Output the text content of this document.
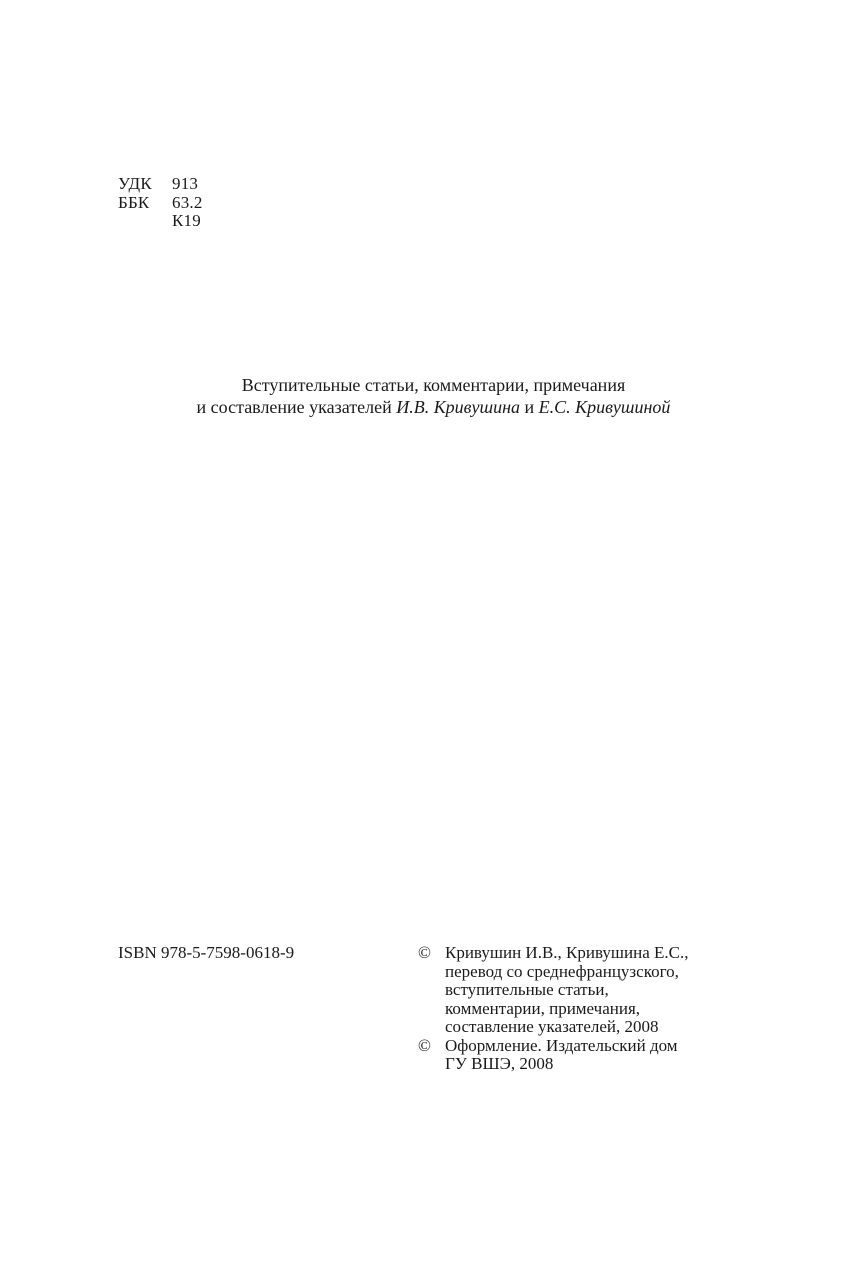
УДК	913
ББК	63.2
К19
Вступительные статьи, комментарии, примечания
и составление указателей И.В. Кривушина и Е.С. Кривушиной
ISBN 978-5-7598-0618-9	© Кривушин И.В., Кривушина Е.С.,
перевод со среднефранцузского,
вступительные статьи,
комментарии, примечания,
составление указателей, 2008
© Оформление. Издательский дом
ГУ ВШЭ, 2008
